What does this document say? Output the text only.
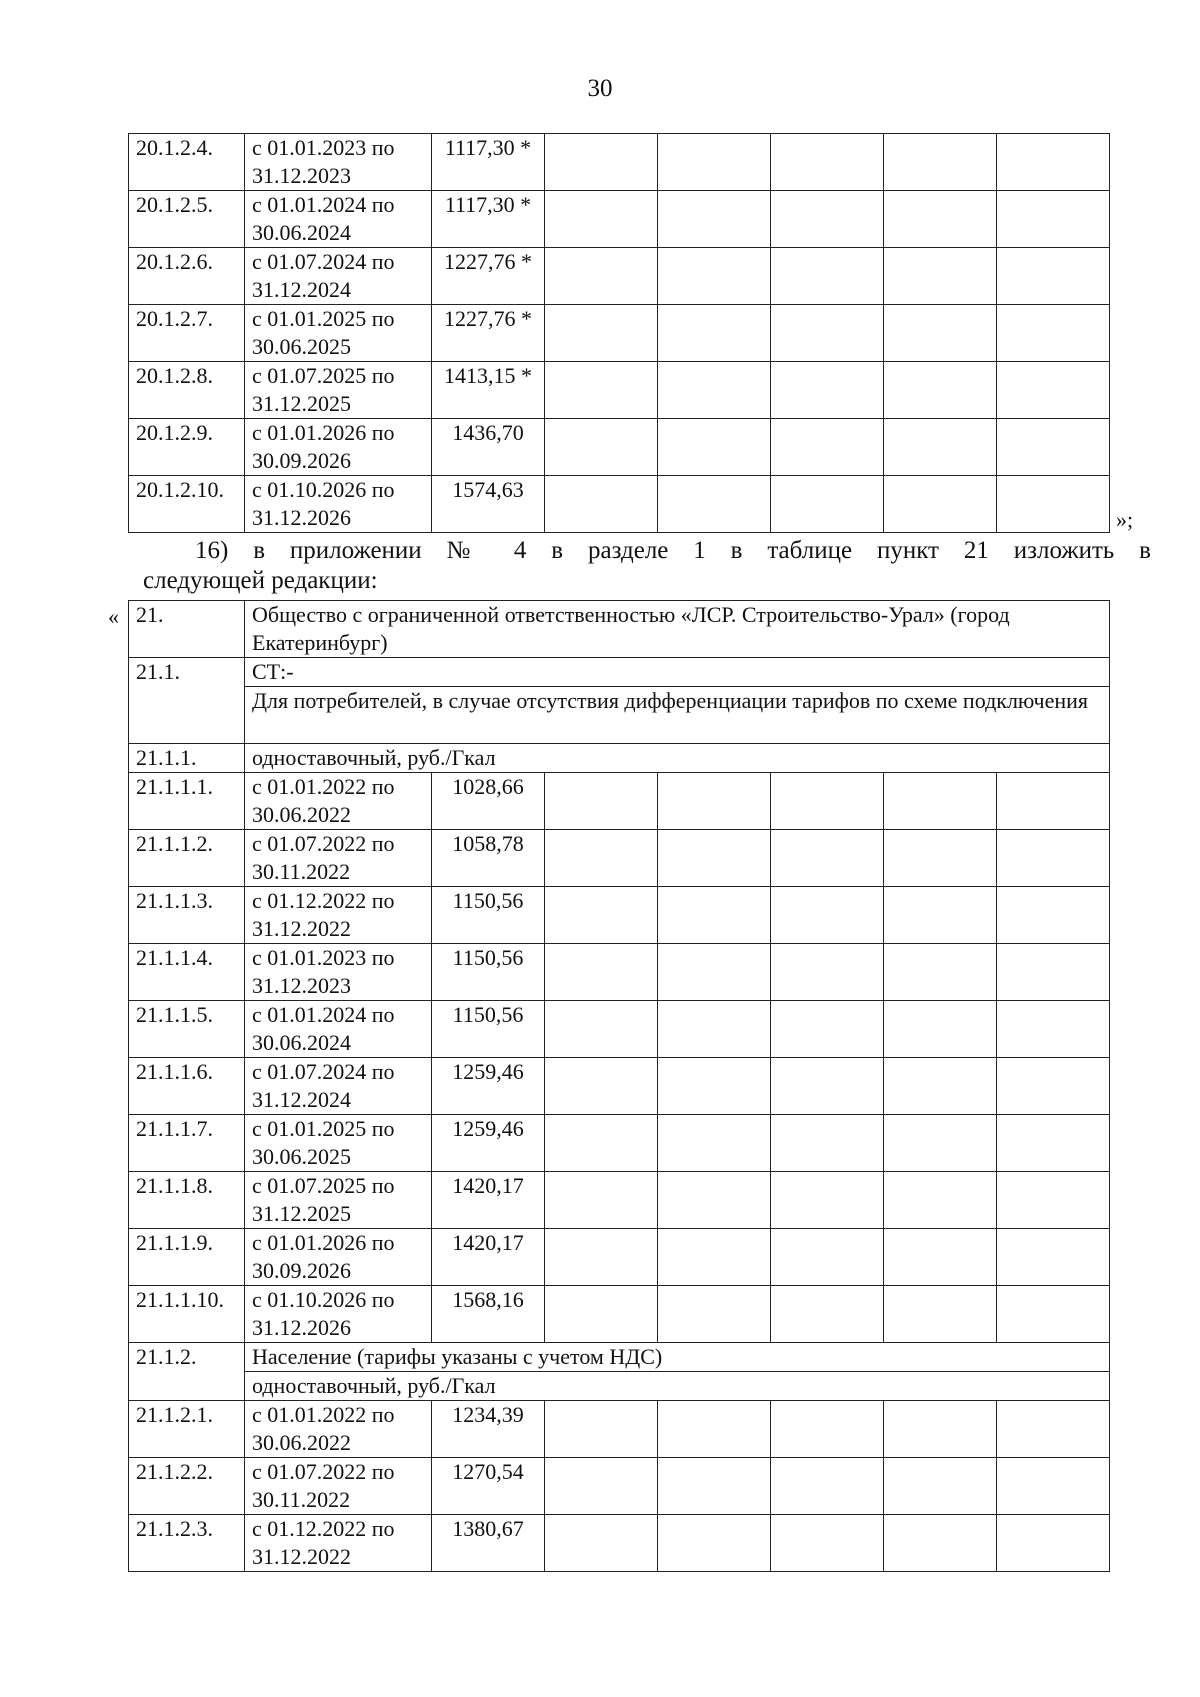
30
20.1.2.4.	с 01.01.2023 по 31.12.2023	1117,30 *					
20.1.2.5.	с 01.01.2024 по 30.06.2024	1117,30 *					
20.1.2.6.	с 01.07.2024 по 31.12.2024	1227,76 *					
20.1.2.7.	с 01.01.2025 по 30.06.2025	1227,76 *					
20.1.2.8.	с 01.07.2025 по 31.12.2025	1413,15 *					
20.1.2.9.	с 01.01.2026 по 30.09.2026	1436,70					
20.1.2.10.	с 01.10.2026 по 31.12.2026	1574,63					
»;
16) в приложении № 4 в разделе 1 в таблице пункт 21 изложить в
следующей редакции:
« 21.	Общество с ограниченной ответственностью «ЛСР. Строительство-Урал» (город Екатеринбург)						
21.1.	СТ:-						
	Для потребителей, в случае отсутствия дифференциации тарифов по схеме подключения						
21.1.1.	одноставочный, руб./Гкал						
21.1.1.1.	с 01.01.2022 по 30.06.2022	1028,66					
21.1.1.2.	с 01.07.2022 по 30.11.2022	1058,78					
21.1.1.3.	с 01.12.2022 по 31.12.2022	1150,56					
21.1.1.4.	с 01.01.2023 по 31.12.2023	1150,56					
21.1.1.5.	с 01.01.2024 по 30.06.2024	1150,56					
21.1.1.6.	с 01.07.2024 по 31.12.2024	1259,46					
21.1.1.7.	с 01.01.2025 по 30.06.2025	1259,46					
21.1.1.8.	с 01.07.2025 по 31.12.2025	1420,17					
21.1.1.9.	с 01.01.2026 по 30.09.2026	1420,17					
21.1.1.10.	с 01.10.2026 по 31.12.2026	1568,16					
21.1.2.	Население (тарифы указаны с учетом НДС)						
	одноставочный, руб./Гкал						
21.1.2.1.	с 01.01.2022 по 30.06.2022	1234,39					
21.1.2.2.	с 01.07.2022 по 30.11.2022	1270,54					
21.1.2.3.	с 01.12.2022 по 31.12.2022	1380,67					
